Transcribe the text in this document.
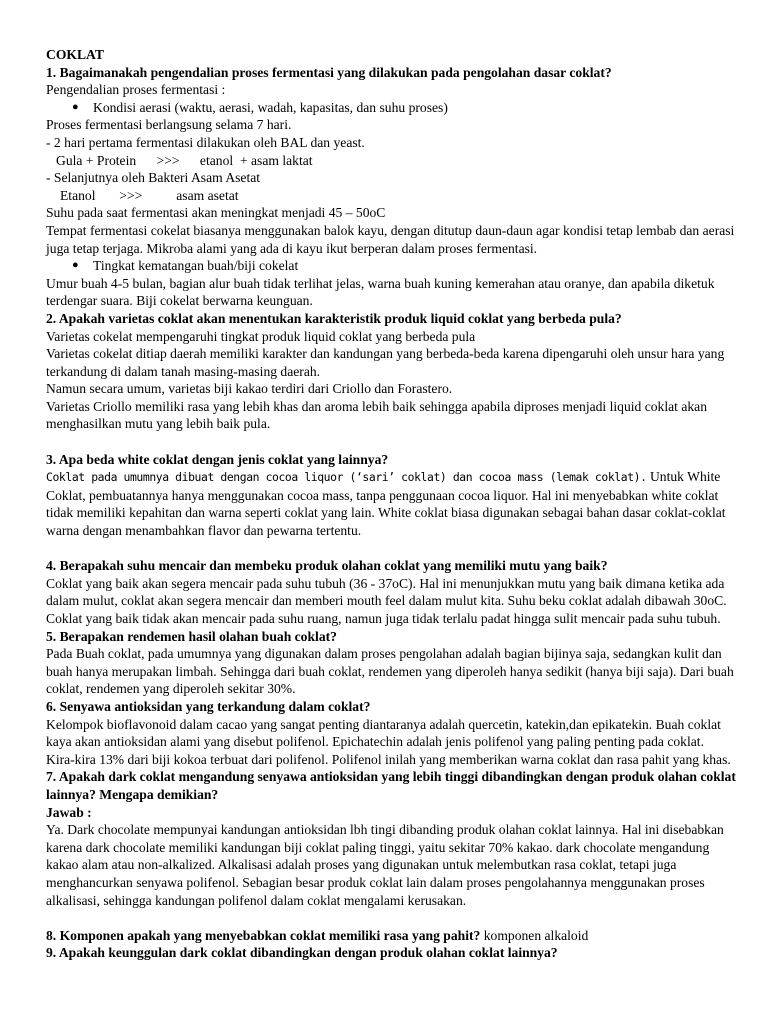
COKLAT

1. Bagaimanakah pengendalian proses fermentasi yang dilakukan pada pengolahan dasar coklat?

Pengendalian proses fermentasi :

● Kondisi aerasi (waktu, aerasi, wadah, kapasitas, dan suhu proses)

Proses fermentasi berlangsung selama 7 hari.

- 2 hari pertama fermentasi dilakukan oleh BAL dan yeast.

Gula + Protein      >>>      etanol  + asam laktat

- Selanjutnya oleh Bakteri Asam Asetat

Etanol       >>>          asam asetat

Suhu pada saat fermentasi akan meningkat menjadi 45 – 50oC

Tempat fermentasi cokelat biasanya menggunakan balok kayu, dengan ditutup daun-daun agar kondisi tetap lembab dan aerasi juga tetap terjaga. Mikroba alami yang ada di kayu ikut berperan dalam proses fermentasi.

● Tingkat kematangan buah/biji cokelat

Umur buah 4-5 bulan, bagian alur buah tidak terlihat jelas, warna buah kuning kemerahan atau oranye, dan apabila diketuk terdengar suara. Biji cokelat berwarna keunguan.

2. Apakah varietas coklat akan menentukan karakteristik produk liquid coklat yang berbeda pula?

Varietas cokelat mempengaruhi tingkat produk liquid coklat yang berbeda pula

Varietas cokelat ditiap daerah memiliki karakter dan kandungan yang berbeda-beda karena dipengaruhi oleh unsur hara yang terkandung di dalam tanah masing-masing daerah.

Namun secara umum, varietas biji kakao terdiri dari Criollo dan Forastero.

Varietas Criollo memiliki rasa yang lebih khas dan aroma lebih baik sehingga apabila diproses menjadi liquid coklat akan menghasilkan mutu yang lebih baik pula.

3. Apa beda white coklat dengan jenis coklat yang lainnya?

Coklat pada umumnya dibuat dengan cocoa liquor (‘sari’ coklat) dan cocoa mass (lemak coklat). Untuk White Coklat, pembuatannya hanya menggunakan cocoa mass, tanpa penggunaan cocoa liquor. Hal ini menyebabkan white coklat tidak memiliki kepahitan dan warna seperti coklat yang lain. White coklat biasa digunakan sebagai bahan dasar coklat-coklat warna dengan menambahkan flavor dan pewarna tertentu.

4. Berapakah suhu mencair dan membeku produk olahan coklat yang memiliki mutu yang baik?

Coklat yang baik akan segera mencair pada suhu tubuh (36 - 37oC). Hal ini menunjukkan mutu yang baik dimana ketika ada dalam mulut, coklat akan segera mencair dan memberi mouth feel dalam mulut kita. Suhu beku coklat adalah dibawah 30oC. Coklat yang baik tidak akan mencair pada suhu ruang, namun juga tidak terlalu padat hingga sulit mencair pada suhu tubuh.

5. Berapakan rendemen hasil olahan buah coklat?

Pada Buah coklat, pada umumnya yang digunakan dalam proses pengolahan adalah bagian bijinya saja, sedangkan kulit dan buah hanya merupakan limbah. Sehingga dari buah coklat, rendemen yang diperoleh hanya sedikit (hanya biji saja). Dari buah coklat, rendemen yang diperoleh sekitar 30%.

6. Senyawa antioksidan yang terkandung dalam coklat?

Kelompok bioflavonoid dalam cacao yang sangat penting diantaranya adalah quercetin, katekin,dan epikatekin. Buah coklat kaya akan antioksidan alami yang disebut polifenol. Epichatechin adalah jenis polifenol yang paling penting pada coklat. Kira-kira 13% dari biji kokoa terbuat dari polifenol. Polifenol inilah yang memberikan warna coklat dan rasa pahit yang khas.

7. Apakah dark coklat mengandung senyawa antioksidan yang lebih tinggi dibandingkan dengan produk olahan coklat lainnya? Mengapa demikian?

Jawab :

Ya. Dark chocolate mempunyai kandungan antioksidan lbh tingi dibanding produk olahan coklat lainnya. Hal ini disebabkan karena dark chocolate memiliki kandungan biji coklat paling tinggi, yaitu sekitar 70% kakao. dark chocolate mengandung kakao alam atau non-alkalized. Alkalisasi adalah proses yang digunakan untuk melembutkan rasa coklat, tetapi juga menghancurkan senyawa polifenol. Sebagian besar produk coklat lain dalam proses pengolahannya menggunakan proses alkalisasi, sehingga kandungan polifenol dalam coklat mengalami kerusakan.

8. Komponen apakah yang menyebabkan coklat memiliki rasa yang pahit? komponen alkaloid

9. Apakah keunggulan dark coklat dibandingkan dengan produk olahan coklat lainnya?
